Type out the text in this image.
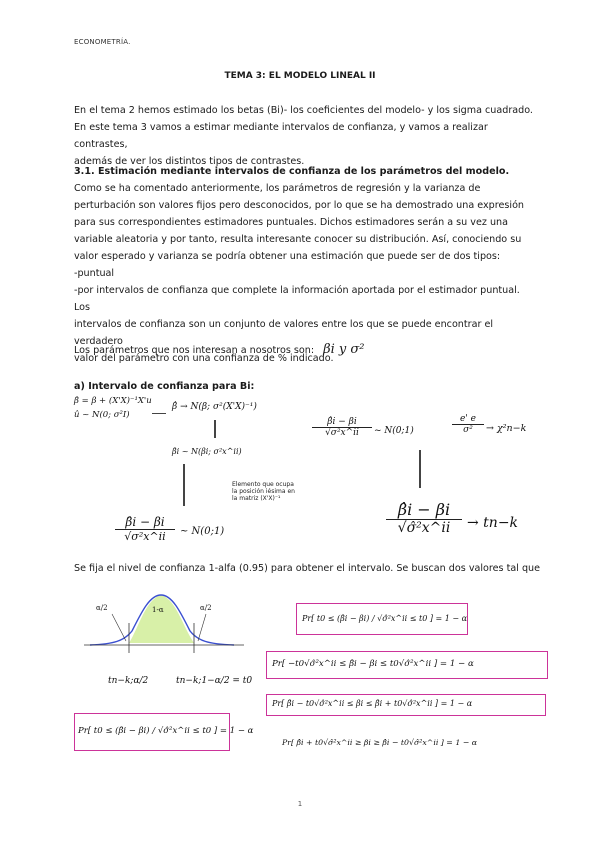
ECONOMETRÍA.
TEMA 3: EL MODELO LINEAL II
En el tema 2 hemos estimado los betas (Bi)- los coeficientes del modelo- y los sigma cuadrado.
En este tema 3 vamos a estimar mediante intervalos de confianza, y vamos a realizar contrastes,
además de ver los distintos tipos de contrastes.
3.1. Estimación mediante intervalos de confianza de los parámetros del modelo.
Como se ha comentado anteriormente, los parámetros de regresión y la varianza de
perturbación son valores fijos pero desconocidos, por lo que se ha demostrado una expresión
para sus correspondientes estimadores puntuales. Dichos estimadores serán a su vez una
variable aleatoria y por tanto, resulta interesante conocer su distribución. Así, conociendo su
valor esperado y varianza se podría obtener una estimación que puede ser de dos tipos:
-puntual
-por intervalos de confianza que complete la información aportada por el estimador puntual. Los
intervalos de confianza son un conjunto de valores entre los que se puede encontrar el verdadero
valor del parámetro con una confianza de % indicado.
Los parámetros que nos interesan a nosotros son: βi y σ²
a) Intervalo de confianza para Bi:
β̂ = β + (X'X)⁻¹X'u
û ~ N(0; σ²I)
β̂ → N(β; σ²(X'X)⁻¹)
β̂i ~ N(βi; σ²x^ii)
Elemento que ocupa
la posición iésima en
la matriz (X'X)⁻¹
$\frac{\betâi - \beta i}{\text{√σ²x\textasciicircum{}ii}}$ ~ N(0;1)	$\frac{e' e}{\text{σ²}} \to \chi^2n-k$
$\frac{\betâi - \beta i}{\text{√σ²x\textasciicircum{}ii}}$ ~ N(0;1)	$\frac{\betâi - \beta i}{\text{√σ̂²x\textasciicircum{}ii}} \to tn-k$
Se fija el nivel de confianza 1-alfa (0.95) para obtener el intervalo. Se buscan dos valores tal que
α/2	1-α	α/2
tn−k;α/2	tn−k;1−α/2 = t0
Pr[ t0 ≤ (β̂i − βi) / √σ̂²x^ii ≤ t0 ] = 1 − α
Pr[ −t0√σ̂²x^ii ≤ β̂i − βi ≤ t0√σ̂²x^ii ] = 1 − α
Pr[ β̂i − t0√σ̂²x^ii ≤ βi ≤ β̂i + t0√σ̂²x^ii ] = 1 − α
Pr[ β̂i + t0√σ̂²x^ii ≥ βi ≥ β̂i − t0√σ̂²x^ii ] = 1 − α
Pr[ t0 ≤ (β̂i − βi) / √σ̂²x^ii ≤ t0 ] = 1 − α
1
